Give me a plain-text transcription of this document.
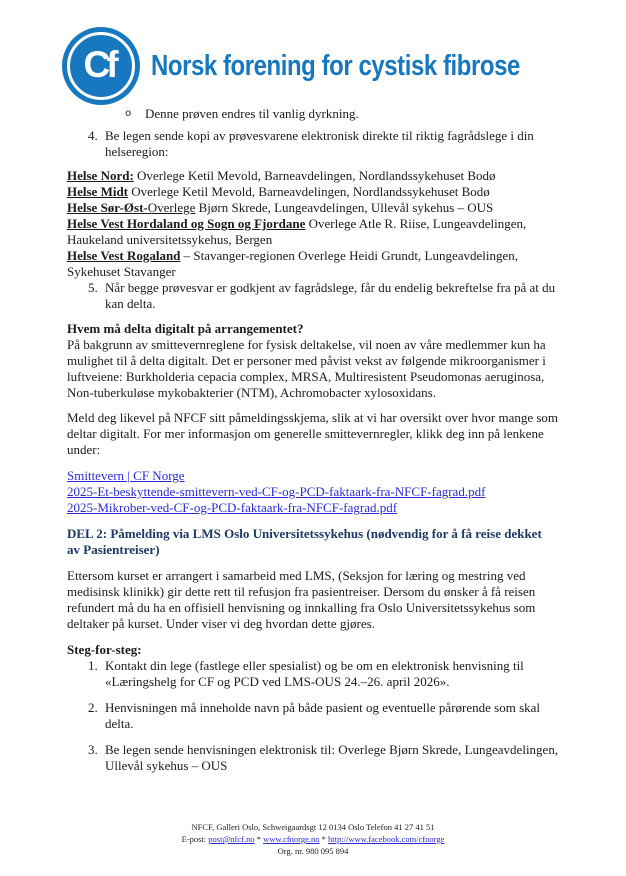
Cf Norsk forening for cystisk fibrose
o	Denne prøven endres til vanlig dyrkning.
4. Be legen sende kopi av prøvesvarene elektronisk direkte til riktig fagrådslege i din helseregion:

Helse Nord: Overlege Ketil Mevold, Barneavdelingen, Nordlandssykehuset Bodø

Helse Midt Overlege Ketil Mevold, Barneavdelingen, Nordlandssykehuset Bodø

Helse Sør-Øst-Overlege Bjørn Skrede, Lungeavdelingen, Ullevål sykehus – OUS

Helse Vest Hordaland og Sogn og Fjordane Overlege Atle R. Riise, Lungeavdelingen, Haukeland universitetssykehus, Bergen

Helse Vest Rogaland – Stavanger-regionen Overlege Heidi Grundt, Lungeavdelingen, Sykehuset Stavanger

5. Når begge prøvesvar er godkjent av fagrådslege, får du endelig bekreftelse fra på at du kan delta.

Hvem må delta digitalt på arrangementet?

På bakgrunn av smittevernreglene for fysisk deltakelse, vil noen av våre medlemmer kun ha mulighet til å delta digitalt. Det er personer med påvist vekst av følgende mikroorganismer i luftveiene: Burkholderia cepacia complex, MRSA, Multiresistent Pseudomonas aeruginosa, Non-tuberkuløse mykobakterier (NTM), Achromobacter xylosoxidans.

Meld deg likevel på NFCF sitt påmeldingsskjema, slik at vi har oversikt over hvor mange som deltar digitalt. For mer informasjon om generelle smittevernregler, klikk deg inn på lenkene under:

Smittevern | CF Norge
2025-Et-beskyttende-smittevern-ved-CF-og-PCD-faktaark-fra-NFCF-fagrad.pdf
2025-Mikrober-ved-CF-og-PCD-faktaark-fra-NFCF-fagrad.pdf

DEL 2: Påmelding via LMS Oslo Universitetssykehus (nødvendig for å få reise dekket av Pasientreiser)

Ettersom kurset er arrangert i samarbeid med LMS, (Seksjon for læring og mestring ved medisinsk klinikk) gir dette rett til refusjon fra pasientreiser. Dersom du ønsker å få reisen refundert må du ha en offisiell henvisning og innkalling fra Oslo Universitetssykehus som deltaker på kurset. Under viser vi deg hvordan dette gjøres.

Steg-for-steg:

1. Kontakt din lege (fastlege eller spesialist) og be om en elektronisk henvisning til «Læringshelg for CF og PCD ved LMS-OUS 24.–26. april 2026».
2. Henvisningen må inneholde navn på både pasient og eventuelle pårørende som skal delta.
3. Be legen sende henvisningen elektronisk til: Overlege Bjørn Skrede, Lungeavdelingen, Ullevål sykehus – OUS
NFCF, Galleri Oslo, Schweigaardsgt 12 0134 Oslo Telefon 41 27 41 51
E-post: post@nfcf.no * www.cfnorge.no * http://www.facebook.com/cfnorge
Org. nr. 980 095 894
